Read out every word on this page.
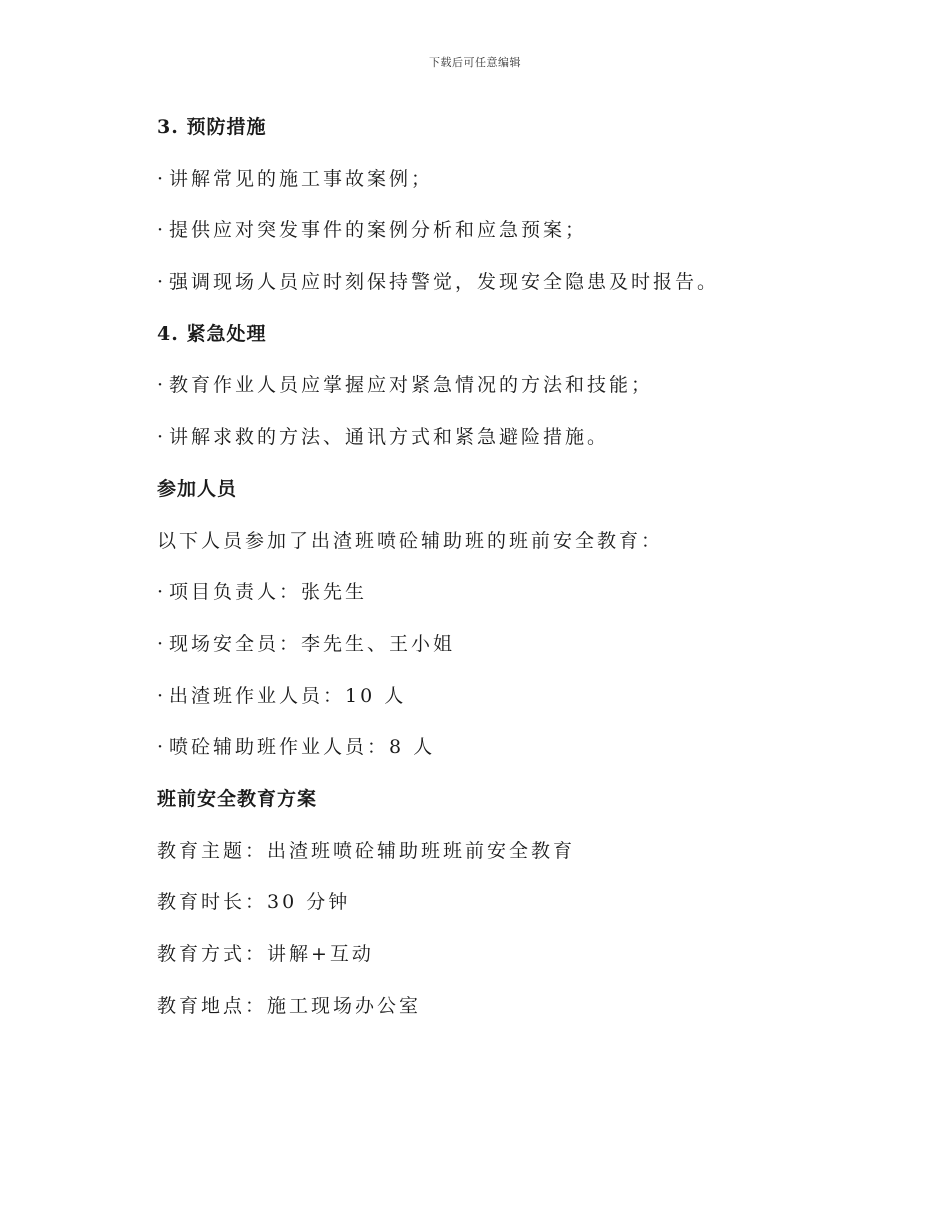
下载后可任意编辑
3. 预防措施
· 讲解常见的施工事故案例；
· 提供应对突发事件的案例分析和应急预案；
· 强调现场人员应时刻保持警觉，发现安全隐患及时报告。
4. 紧急处理
· 教育作业人员应掌握应对紧急情况的方法和技能；
· 讲解求救的方法、通讯方式和紧急避险措施。
参加人员
以下人员参加了出渣班喷砼辅助班的班前安全教育：
· 项目负责人：张先生
· 现场安全员：李先生、王小姐
· 出渣班作业人员：10 人
· 喷砼辅助班作业人员：8 人
班前安全教育方案
教育主题：出渣班喷砼辅助班班前安全教育
教育时长：30 分钟
教育方式：讲解+互动
教育地点：施工现场办公室
